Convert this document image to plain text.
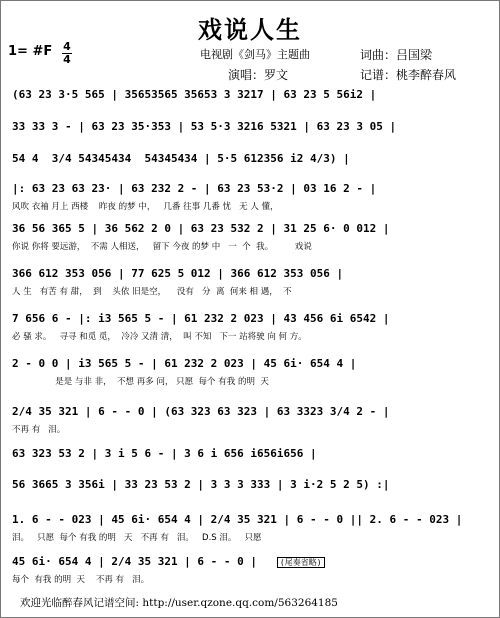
戏说人生
1= #F 4
4	电视剧《剑马》主题曲	词曲：吕国梁
演唱：罗文	记谱：桃李醉春风
(63 23 3·5 565 | 35653565 35653 3 3217 | 63 23 5 56i2 |
33 33 3 - | 63 23 35·353 | 53 5·3 3216 5321 | 63 23 3 05 |
54 4  3/4 54345434  54345434 | 5·5 612356 i2 4/3) |
|: 63 23 63 23· | 63 232 2 - | 63 23 53·2 | 03 16 2 - |
风吹 衣袖 月上 西楼    昨夜 的梦 中，   几番 往事 几番 忧   无 人 懂，
36 56 365 5 | 36 562 2 0 | 63 23 532 2 | 31 25 6· 0 012 |
你说 你将 要远游，  不需 人相送，   留下 今夜 的梦 中   一  个  我。        戏说
366 612 353 056 | 77 625 5 012 | 366 612 353 056 |
人 生   有苦 有 甜，  到    头依 旧是空，    没有   分  离  何来 相 遇，  不
7 656 6 - |: i3 565 5 - | 61 232 2 023 | 43 456 6i 6542 |
必 骚 求。   寻寻 和觅 觅，  冷冷 又清 清，  叫 不知   下一 站将驶 向 何 方。
2 - 0 0 | i3 565 5 - | 61 232 2 023 | 45 6i· 654 4 |
是是 与非 非，  不想 再多 问， 只愿  每个 有我 的明  天
2/4 35 321 | 6 - - 0 | (63 323 63 323 | 63 3323 3/4 2 - |
不再 有   泪。
63 323 53 2 | 3 i 5 6 - | 3 6 i 656 i656i656 |
56 3665 3 356i | 33 23 53 2 | 3 3 3 333 | 3 i·2 5 2 5) :|
1. 6 - - 023 | 45 6i· 654 4 | 2/4 35 321 | 6 - - 0 || 2. 6 - - 023 |
泪。   只愿  每个 有我 的明   天   不再 有   泪。   D.S 泪。   只愿
45 6i· 654 4 | 2/4 35 321 | 6 - - 0 |	(尾奏省略)
每个  有我 的明  天    不再 有   泪。
欢迎光临醉春风记谱空间: http://user.qzone.qq.com/563264185
